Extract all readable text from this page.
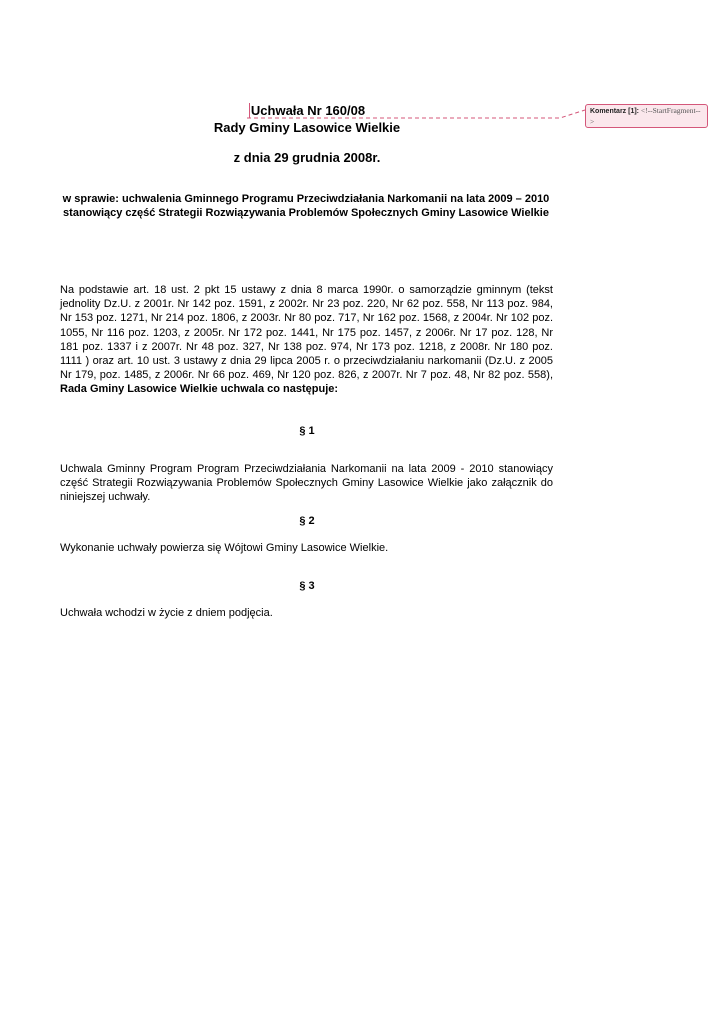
Uchwała Nr 160/08
Rady Gminy Lasowice Wielkie
z dnia 29 grudnia 2008r.
w sprawie: uchwalenia Gminnego Programu Przeciwdziałania Narkomanii na lata 2009 – 2010 stanowiący część Strategii Rozwiązywania Problemów Społecznych Gminy Lasowice Wielkie
Na podstawie art. 18 ust. 2 pkt 15 ustawy z dnia 8 marca 1990r. o samorządzie gminnym (tekst jednolity Dz.U. z 2001r. Nr 142 poz. 1591, z 2002r. Nr 23 poz. 220, Nr 62 poz. 558, Nr 113 poz. 984, Nr 153 poz. 1271, Nr 214 poz. 1806, z 2003r. Nr 80 poz. 717, Nr 162 poz. 1568, z 2004r. Nr 102 poz. 1055, Nr 116 poz. 1203, z 2005r. Nr 172 poz. 1441, Nr 175 poz. 1457, z 2006r. Nr 17 poz. 128, Nr 181 poz. 1337 i z 2007r. Nr 48 poz. 327, Nr 138 poz. 974, Nr 173 poz. 1218, z 2008r. Nr 180 poz. 1111 ) oraz art. 10 ust. 3 ustawy z dnia 29 lipca 2005 r. o przeciwdziałaniu narkomanii (Dz.U. z 2005 Nr 179, poz. 1485, z 2006r. Nr 66 poz. 469, Nr 120 poz. 826, z 2007r. Nr 7 poz. 48, Nr 82 poz. 558), Rada Gminy Lasowice Wielkie uchwala co następuje:
§ 1
Uchwala Gminny Program Program Przeciwdziałania Narkomanii na lata 2009 - 2010 stanowiący część Strategii Rozwiązywania Problemów Społecznych Gminy Lasowice Wielkie jako załącznik do niniejszej uchwały.
§ 2
Wykonanie uchwały powierza się Wójtowi Gminy Lasowice Wielkie.
§ 3
Uchwała wchodzi w życie z dniem podjęcia.
Komentarz [1]: <!--StartFragment-->
